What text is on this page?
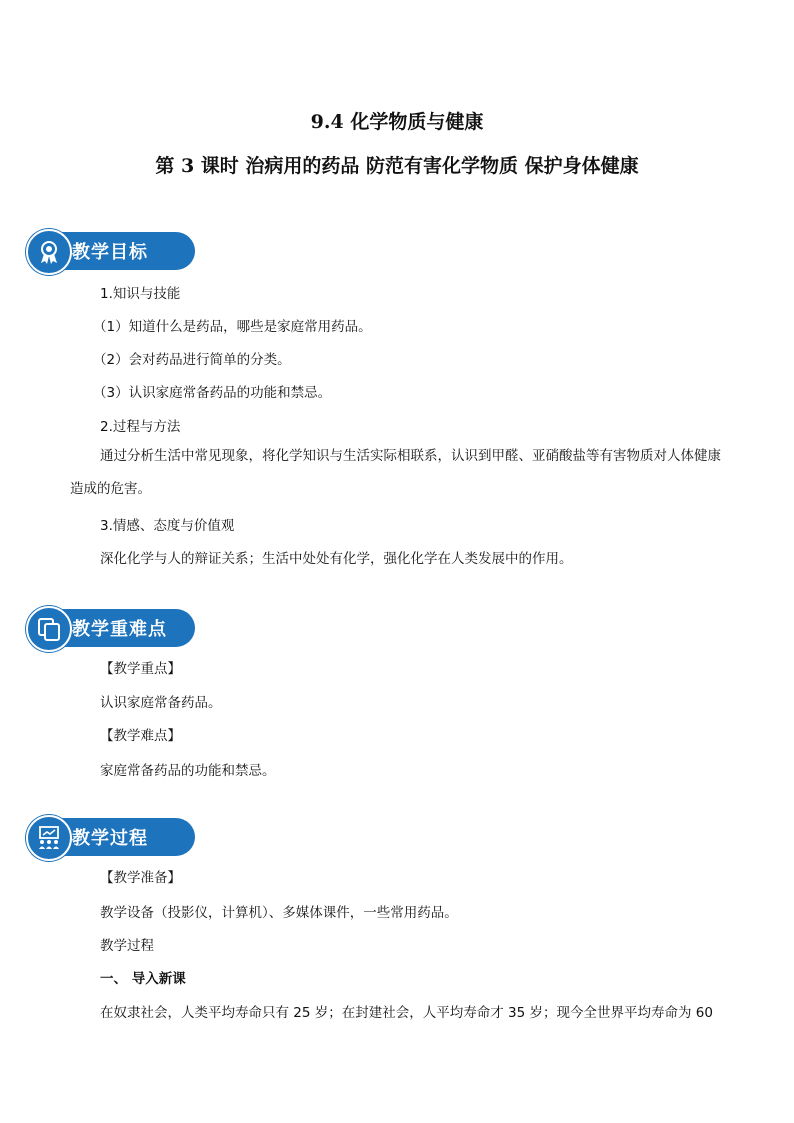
9.4 化学物质与健康
第 3 课时 治病用的药品 防范有害化学物质 保护身体健康
教学目标
1.知识与技能
（1）知道什么是药品，哪些是家庭常用药品。
（2）会对药品进行简单的分类。
（3）认识家庭常备药品的功能和禁忌。
2.过程与方法
通过分析生活中常见现象，将化学知识与生活实际相联系，认识到甲醛、亚硝酸盐等有害物质对人体健康造成的危害。
3.情感、态度与价值观
深化化学与人的辩证关系；生活中处处有化学，强化化学在人类发展中的作用。
教学重难点
【教学重点】
认识家庭常备药品。
【教学难点】
家庭常备药品的功能和禁忌。
教学过程
【教学准备】
教学设备（投影仪，计算机）、多媒体课件，一些常用药品。
教学过程
一、 导入新课
在奴隶社会，人类平均寿命只有 25 岁；在封建社会，人平均寿命才 35 岁；现今全世界平均寿命为 60
